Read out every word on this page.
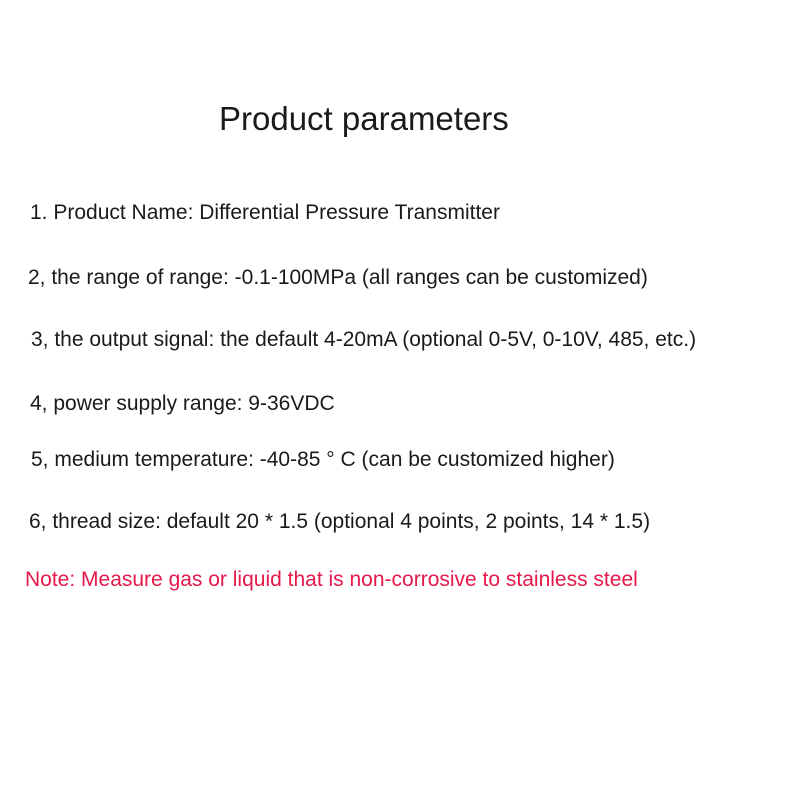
Product parameters
1. Product Name: Differential Pressure Transmitter
2, the range of range: -0.1-100MPa (all ranges can be customized)
3, the output signal: the default 4-20mA (optional 0-5V, 0-10V, 485, etc.)
4, power supply range: 9-36VDC
5, medium temperature: -40-85 ° C (can be customized higher)
6, thread size: default 20 * 1.5 (optional 4 points, 2 points, 14 * 1.5)
Note: Measure gas or liquid that is non-corrosive to stainless steel
